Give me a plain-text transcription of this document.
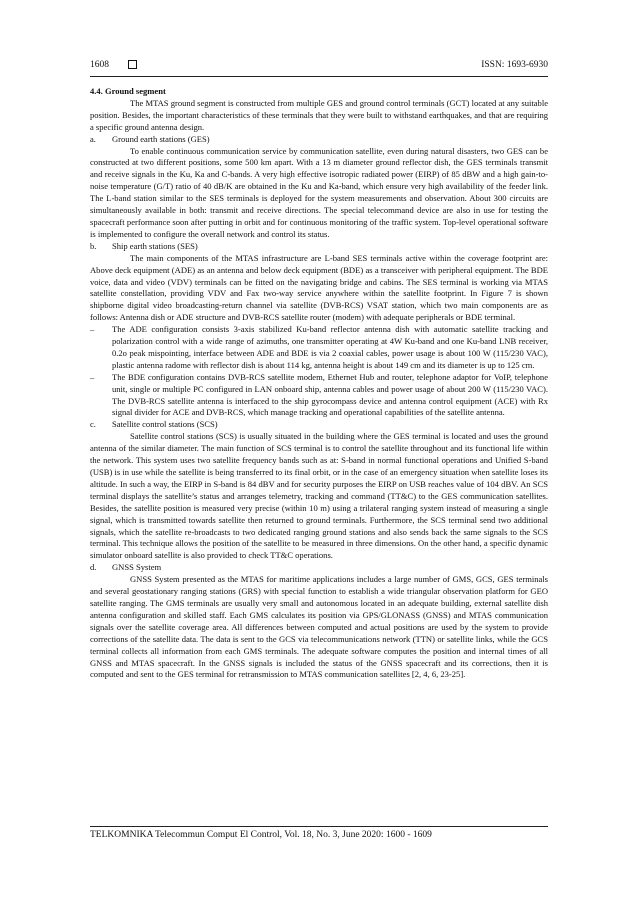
1608	ISSN: 1693-6930

4.4. Ground segment

The MTAS ground segment is constructed from multiple GES and ground control terminals (GCT) located at any suitable position. Besides, the important characteristics of these terminals that they were built to withstand earthquakes, and that are requiring a specific ground antenna design.

a. Ground earth stations (GES)

To enable continuous communication service by communication satellite, even during natural disasters, two GES can be constructed at two different positions, some 500 km apart. With a 13 m diameter ground reflector dish, the GES terminals transmit and receive signals in the Ku, Ka and C-bands. A very high effective isotropic radiated power (EIRP) of 85 dBW and a high gain-to-noise temperature (G/T) ratio of 40 dB/K are obtained in the Ku and Ka-band, which ensure very high availability of the feeder link. The L-band station similar to the SES terminals is deployed for the system measurements and observation. About 300 circuits are simultaneously available in both: transmit and receive directions. The special telecommand device are also in use for testing the spacecraft performance soon after putting in orbit and for continuous monitoring of the traffic system. Top-level operational software is implemented to configure the overall network and control its status.

b. Ship earth stations (SES)

The main components of the MTAS infrastructure are L-band SES terminals active within the coverage footprint are: Above deck equipment (ADE) as an antenna and below deck equipment (BDE) as a transceiver with peripheral equipment. The BDE voice, data and video (VDV) terminals can be fitted on the navigating bridge and cabins. The SES terminal is working via MTAS satellite constellation, providing VDV and Fax two-way service anywhere within the satellite footprint. In Figure 7 is shown shipborne digital video broadcasting-return channel via satellite (DVB-RCS) VSAT station, which two main components are as follows: Antenna dish or ADE structure and DVB-RCS satellite router (modem) with adequate peripherals or BDE terminal.

– The ADE configuration consists 3-axis stabilized Ku-band reflector antenna dish with automatic satellite tracking and polarization control with a wide range of azimuths, one transmitter operating at 4W Ku-band and one Ku-band LNB receiver, 0.2o peak mispointing, interface between ADE and BDE is via 2 coaxial cables, power usage is about 100 W (115/230 VAC), plastic antenna radome with reflector dish is about 114 kg, antenna height is about 149 cm and its diameter is up to 125 cm.
– The BDE configuration contains DVB-RCS satellite modem, Ethernet Hub and router, telephone adaptor for VoIP, telephone unit, single or multiple PC configured in LAN onboard ship, antenna cables and power usage of about 200 W (115/230 VAC). The DVB-RCS satellite antenna is interfaced to the ship gyrocompass device and antenna control equipment (ACE) with Rx signal divider for ACE and DVB-RCS, which manage tracking and operational capabilities of the satellite antenna.

c. Satellite control stations (SCS)

Satellite control stations (SCS) is usually situated in the building where the GES terminal is located and uses the ground antenna of the similar diameter. The main function of SCS terminal is to control the satellite throughout and its functional life within the network. This system uses two satellite frequency bands such as at: S-band in normal functional operations and Unified S-band (USB) is in use while the satellite is being transferred to its final orbit, or in the case of an emergency situation when satellite loses its altitude. In such a way, the EIRP in S-band is 84 dBV and for security purposes the EIRP on USB reaches value of 104 dBV. An SCS terminal displays the satellite’s status and arranges telemetry, tracking and command (TT&C) to the GES communication satellites. Besides, the satellite position is measured very precise (within 10 m) using a trilateral ranging system instead of measuring a single signal, which is transmitted towards satellite then returned to ground terminals. Furthermore, the SCS terminal send two additional signals, which the satellite re-broadcasts to two dedicated ranging ground stations and also sends back the same signals to the SCS terminal. This technique allows the position of the satellite to be measured in three dimensions. On the other hand, a specific dynamic simulator onboard satellite is also provided to check TT&C operations.

d. GNSS System

GNSS System presented as the MTAS for maritime applications includes a large number of GMS, GCS, GES terminals and several geostationary ranging stations (GRS) with special function to establish a wide triangular observation platform for GEO satellite ranging. The GMS terminals are usually very small and autonomous located in an adequate building, external satellite dish antenna configuration and skilled staff. Each GMS calculates its position via GPS/GLONASS (GNSS) and MTAS communication signals over the satellite coverage area. All differences between computed and actual positions are used by the system to provide corrections of the satellite data. The data is sent to the GCS via telecommunications network (TTN) or satellite links, while the GCS terminal collects all information from each GMS terminals. The adequate software computes the position and internal times of all GNSS and MTAS spacecraft. In the GNSS signals is included the status of the GNSS spacecraft and its corrections, then it is computed and sent to the GES terminal for retransmission to MTAS communication satellites [2, 4, 6, 23-25].

TELKOMNIKA Telecommun Comput El Control, Vol. 18, No. 3, June 2020: 1600 - 1609
